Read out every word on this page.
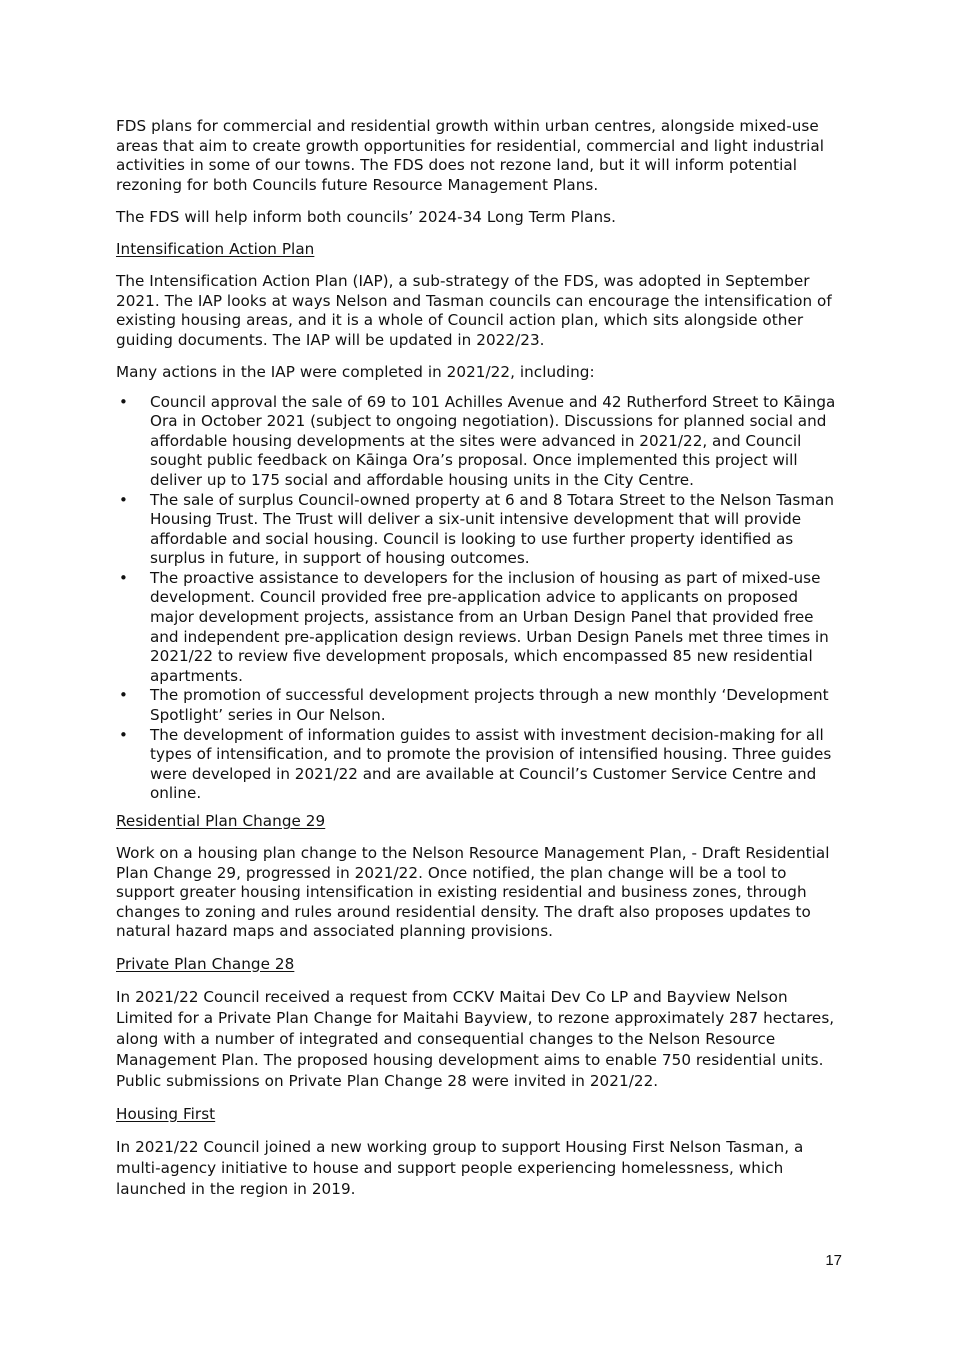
FDS plans for commercial and residential growth within urban centres, alongside mixed-use areas that aim to create growth opportunities for residential, commercial and light industrial activities in some of our towns. The FDS does not rezone land, but it will inform potential rezoning for both Councils future Resource Management Plans.

The FDS will help inform both councils’ 2024-34 Long Term Plans.

Intensification Action Plan

The Intensification Action Plan (IAP), a sub-strategy of the FDS, was adopted in September 2021. The IAP looks at ways Nelson and Tasman councils can encourage the intensification of existing housing areas, and it is a whole of Council action plan, which sits alongside other guiding documents. The IAP will be updated in 2022/23.

Many actions in the IAP were completed in 2021/22, including:

•	Council approval the sale of 69 to 101 Achilles Avenue and 42 Rutherford Street to Kāinga Ora in October 2021 (subject to ongoing negotiation). Discussions for planned social and affordable housing developments at the sites were advanced in 2021/22, and Council sought public feedback on Kāinga Ora’s proposal. Once implemented this project will deliver up to 175 social and affordable housing units in the City Centre.
•	The sale of surplus Council-owned property at 6 and 8 Totara Street to the Nelson Tasman Housing Trust. The Trust will deliver a six-unit intensive development that will provide affordable and social housing. Council is looking to use further property identified as surplus in future, in support of housing outcomes.
•	The proactive assistance to developers for the inclusion of housing as part of mixed-use development. Council provided free pre-application advice to applicants on proposed major development projects, assistance from an Urban Design Panel that provided free and independent pre-application design reviews. Urban Design Panels met three times in 2021/22 to review five development proposals, which encompassed 85 new residential apartments.
•	The promotion of successful development projects through a new monthly ‘Development Spotlight’ series in Our Nelson.
•	The development of information guides to assist with investment decision-making for all types of intensification, and to promote the provision of intensified housing. Three guides were developed in 2021/22 and are available at Council’s Customer Service Centre and online.

Residential Plan Change 29

Work on a housing plan change to the Nelson Resource Management Plan, - Draft Residential Plan Change 29, progressed in 2021/22. Once notified, the plan change will be a tool to support greater housing intensification in existing residential and business zones, through changes to zoning and rules around residential density. The draft also proposes updates to natural hazard maps and associated planning provisions.

Private Plan Change 28

In 2021/22 Council received a request from CCKV Maitai Dev Co LP and Bayview Nelson Limited for a Private Plan Change for Maitahi Bayview, to rezone approximately 287 hectares, along with a number of integrated and consequential changes to the Nelson Resource Management Plan. The proposed housing development aims to enable 750 residential units. Public submissions on Private Plan Change 28 were invited in 2021/22.

Housing First

In 2021/22 Council joined a new working group to support Housing First Nelson Tasman, a multi-agency initiative to house and support people experiencing homelessness, which launched in the region in 2019.

17
